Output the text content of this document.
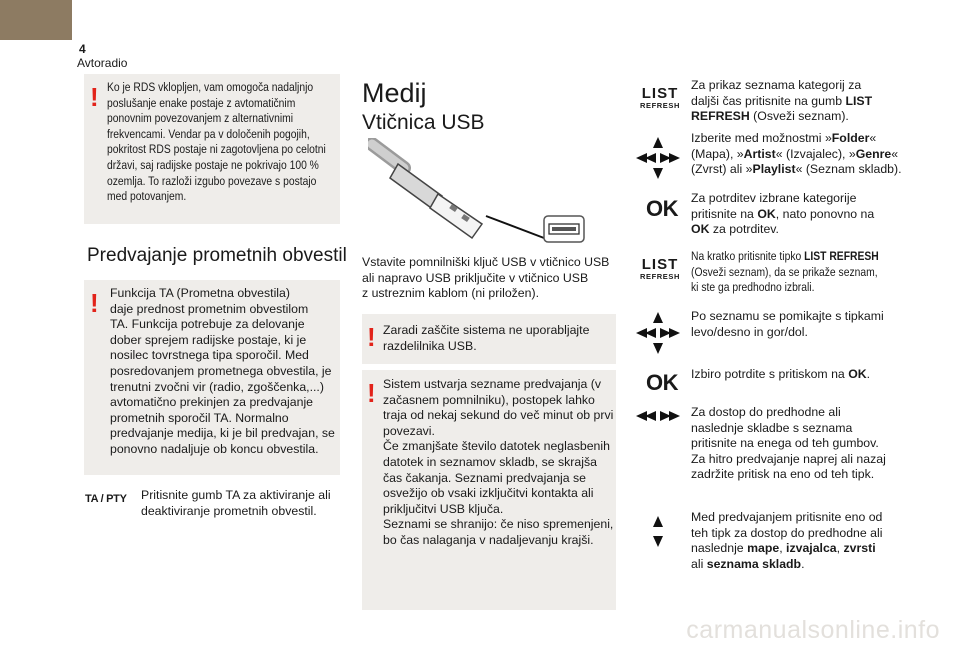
4
Avtoradio
! Ko je RDS vklopljen, vam omogoča nadaljnjo
poslušanje enake postaje z avtomatičnim
ponovnim povezovanjem z alternativnimi
frekvencami. Vendar pa v določenih pogojih,
pokritost RDS postaje ni zagotovljena po celotni
državi, saj radijske postaje ne pokrivajo 100 %
ozemlja. To razloži izgubo povezave s postajo
med potovanjem.
Predvajanje prometnih obvestil
! Funkcija TA (Prometna obvestila)
daje prednost prometnim obvestilom
TA. Funkcija potrebuje za delovanje
dober sprejem radijske postaje, ki je
nosilec tovrstnega tipa sporočil. Med
posredovanjem prometnega obvestila, je
trenutni zvočni vir (radio, zgoščenka,...)
avtomatično prekinjen za predvajanje
prometnih sporočil TA. Normalno
predvajanje medija, ki je bil predvajan, se
ponovno nadaljuje ob koncu obvestila.
TA / PTY Pritisnite gumb TA za aktiviranje ali
deaktiviranje prometnih obvestil.
Medij
Vtičnica USB
Vstavite pomnilniški ključ USB v vtičnico USB
ali napravo USB priključite v vtičnico USB
z ustreznim kablom (ni priložen).
! Zaradi zaščite sistema ne uporabljajte
razdelilnika USB.
! Sistem ustvarja sezname predvajanja (v
začasnem pomnilniku), postopek lahko
traja od nekaj sekund do več minut ob prvi
povezavi.
Če zmanjšate število datotek neglasbenih
datotek in seznamov skladb, se skrajša
čas čakanja. Seznami predvajanja se
osvežijo ob vsaki izklјučitvi kontakta ali
priključitvi USB ključa.
Seznami se shranijo: če niso spremenjeni,
bo čas nalaganja v nadaljevanju krajši.
LIST
REFRESH
Za prikaz seznama kategorij za
daljši čas pritisnite na gumb LIST
REFRESH (Osveži seznam).
Izberite med možnostmi »Folder«
(Mapa), »Artist« (Izvajalec), »Genre«
(Zvrst) ali »Playlist« (Seznam skladb).
OK Za potrditev izbrane kategorije
pritisnite na OK, nato ponovno na
OK za potrditev.
LIST
REFRESH
Na kratko pritisnite tipko LIST REFRESH
(Osveži seznam), da se prikaže seznam,
ki ste ga predhodno izbrali.
Po seznamu se pomikajte s tipkami
levo/desno in gor/dol.
OK Izbiro potrdite s pritiskom na OK.
Za dostop do predhodne ali
naslednje skladbe s seznama
pritisnite na enega od teh gumbov.
Za hitro predvajanje naprej ali nazaj
zadržite pritisk na eno od teh tipk.
Med predvajanjem pritisnite eno od
teh tipk za dostop do predhodne ali
naslednje mape, izvajalca, zvrsti
ali seznama skladb.
carmanualsonline.info
